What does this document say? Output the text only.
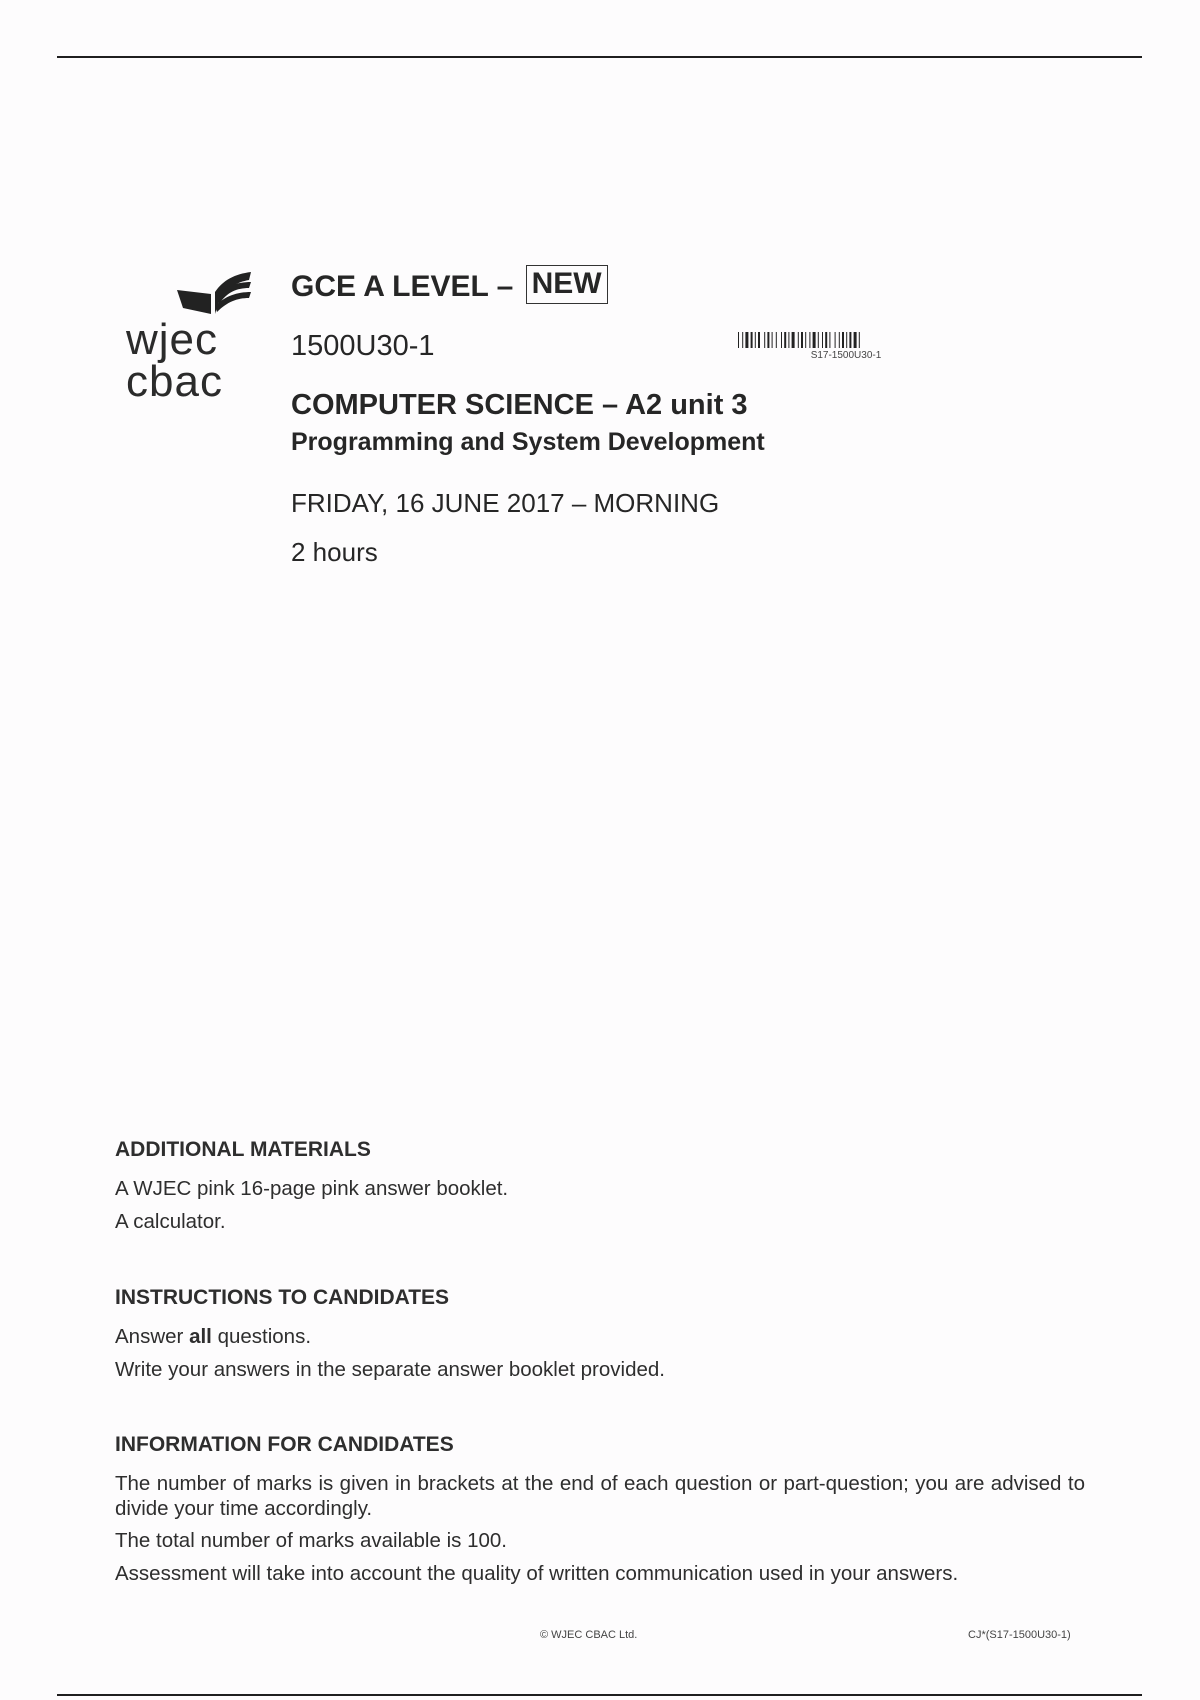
wjec
cbac
GCE A LEVEL – NEW
1500U30-1	S17-1500U30-1
COMPUTER SCIENCE – A2 unit 3
Programming and System Development
FRIDAY, 16 JUNE 2017 – MORNING
2 hours
ADDITIONAL MATERIALS
A WJEC pink 16-page pink answer booklet.
A calculator.
INSTRUCTIONS TO CANDIDATES
Answer all questions.
Write your answers in the separate answer booklet provided.
INFORMATION FOR CANDIDATES
The number of marks is given in brackets at the end of each question or part-question; you are advised to divide your time accordingly.
The total number of marks available is 100.
Assessment will take into account the quality of written communication used in your answers.
© WJEC CBAC Ltd.	CJ*(S17-1500U30-1)
